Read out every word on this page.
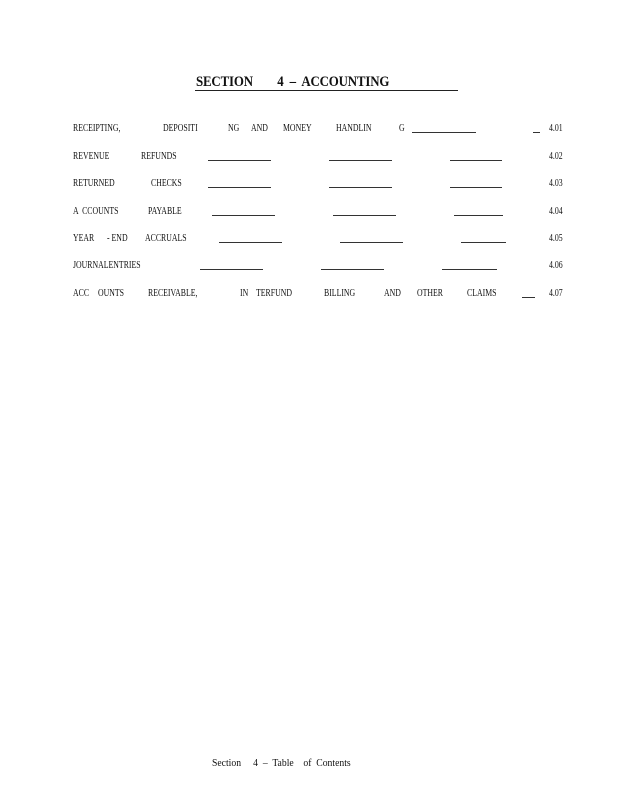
SECTION        4  –  ACCOUNTING
RECEIPTING,	DEPOSITI	NG AND MONEY HANDLIN	G	4.01
REVENUE	REFUNDS	4.02
RETURNED	CHECKS	4.03
A  CCOUNTS	PAYABLE	4.04
YEAR - END ACCRUALS	4.05
JOURNALENTRIES	4.06
ACC OUNTS RECEIVABLE,	IN TERFUND	BILLING	AND OTHER CLAIMS	4.07
Section     4  –  Table    of  Contents
